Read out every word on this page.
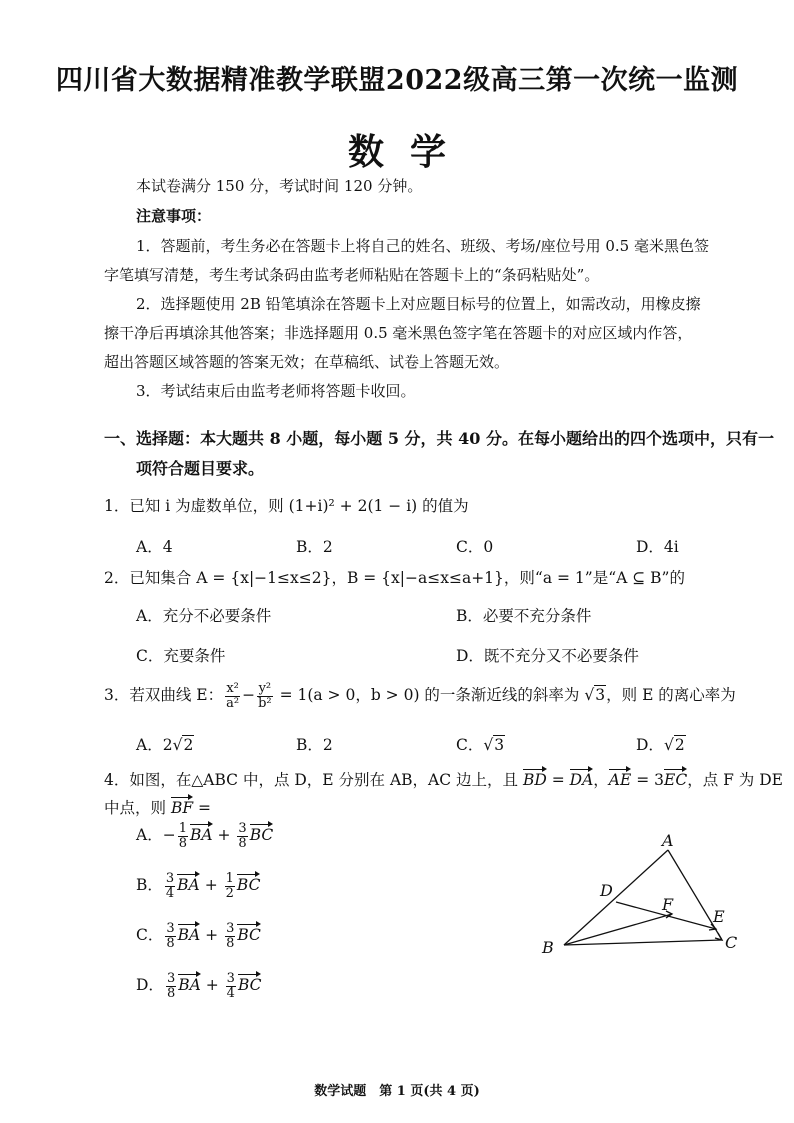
四川省大数据精准教学联盟2022级高三第一次统一监测
数学
本试卷满分 150 分，考试时间 120 分钟。
注意事项：
1．答题前，考生务必在答题卡上将自己的姓名、班级、考场/座位号用 0.5 毫米黑色签
字笔填写清楚，考生考试条码由监考老师粘贴在答题卡上的“条码粘贴处”。
2．选择题使用 2B 铅笔填涂在答题卡上对应题目标号的位置上，如需改动，用橡皮擦
擦干净后再填涂其他答案；非选择题用 0.5 毫米黑色签字笔在答题卡的对应区域内作答，
超出答题区域答题的答案无效；在草稿纸、试卷上答题无效。
3．考试结束后由监考老师将答题卡收回。
一、选择题：本大题共 8 小题，每小题 5 分，共 40 分。在每小题给出的四个选项中，只有一
项符合题目要求。
1．已知 i 为虚数单位，则 (1+i)² + 2(1 − i) 的值为
A．4	B．2	C．0	D．4i
2．已知集合 A = {x|−1≤x≤2}，B = {x|−a≤x≤a+1}，则“a = 1”是“A ⊆ B”的
A．充分不必要条件	B．必要不充分条件
C．充要条件	D．既不充分又不必要条件
3．若双曲线 E： $\frac{\text{x²}}{\text{a²}} - \frac{\text{y²}}{\text{b²}} = 1(a > 0$，b > 0) 的一条渐近线的斜率为 √3，则 E 的离心率为
A．2√2	B．2	C．√3	D．√2
4．如图，在△ABC 中，点 D，E 分别在 AB，AC 边上，且 BD = DA，AE = 3EC，点 F 为 DE
中点，则 BF =
A．− $\frac{1}{8}$ BA + $\frac{3}{8}$ BC
B． $\frac{3}{4}$ BA + $\frac{1}{2}$ BC
C． $\frac{3}{8}$ BA + $\frac{3}{8}$ BC
D． $\frac{3}{8}$ BA + $\frac{3}{4}$ BC
A
B	C
D
E
F
数学试题　第 1 页(共 4 页)
